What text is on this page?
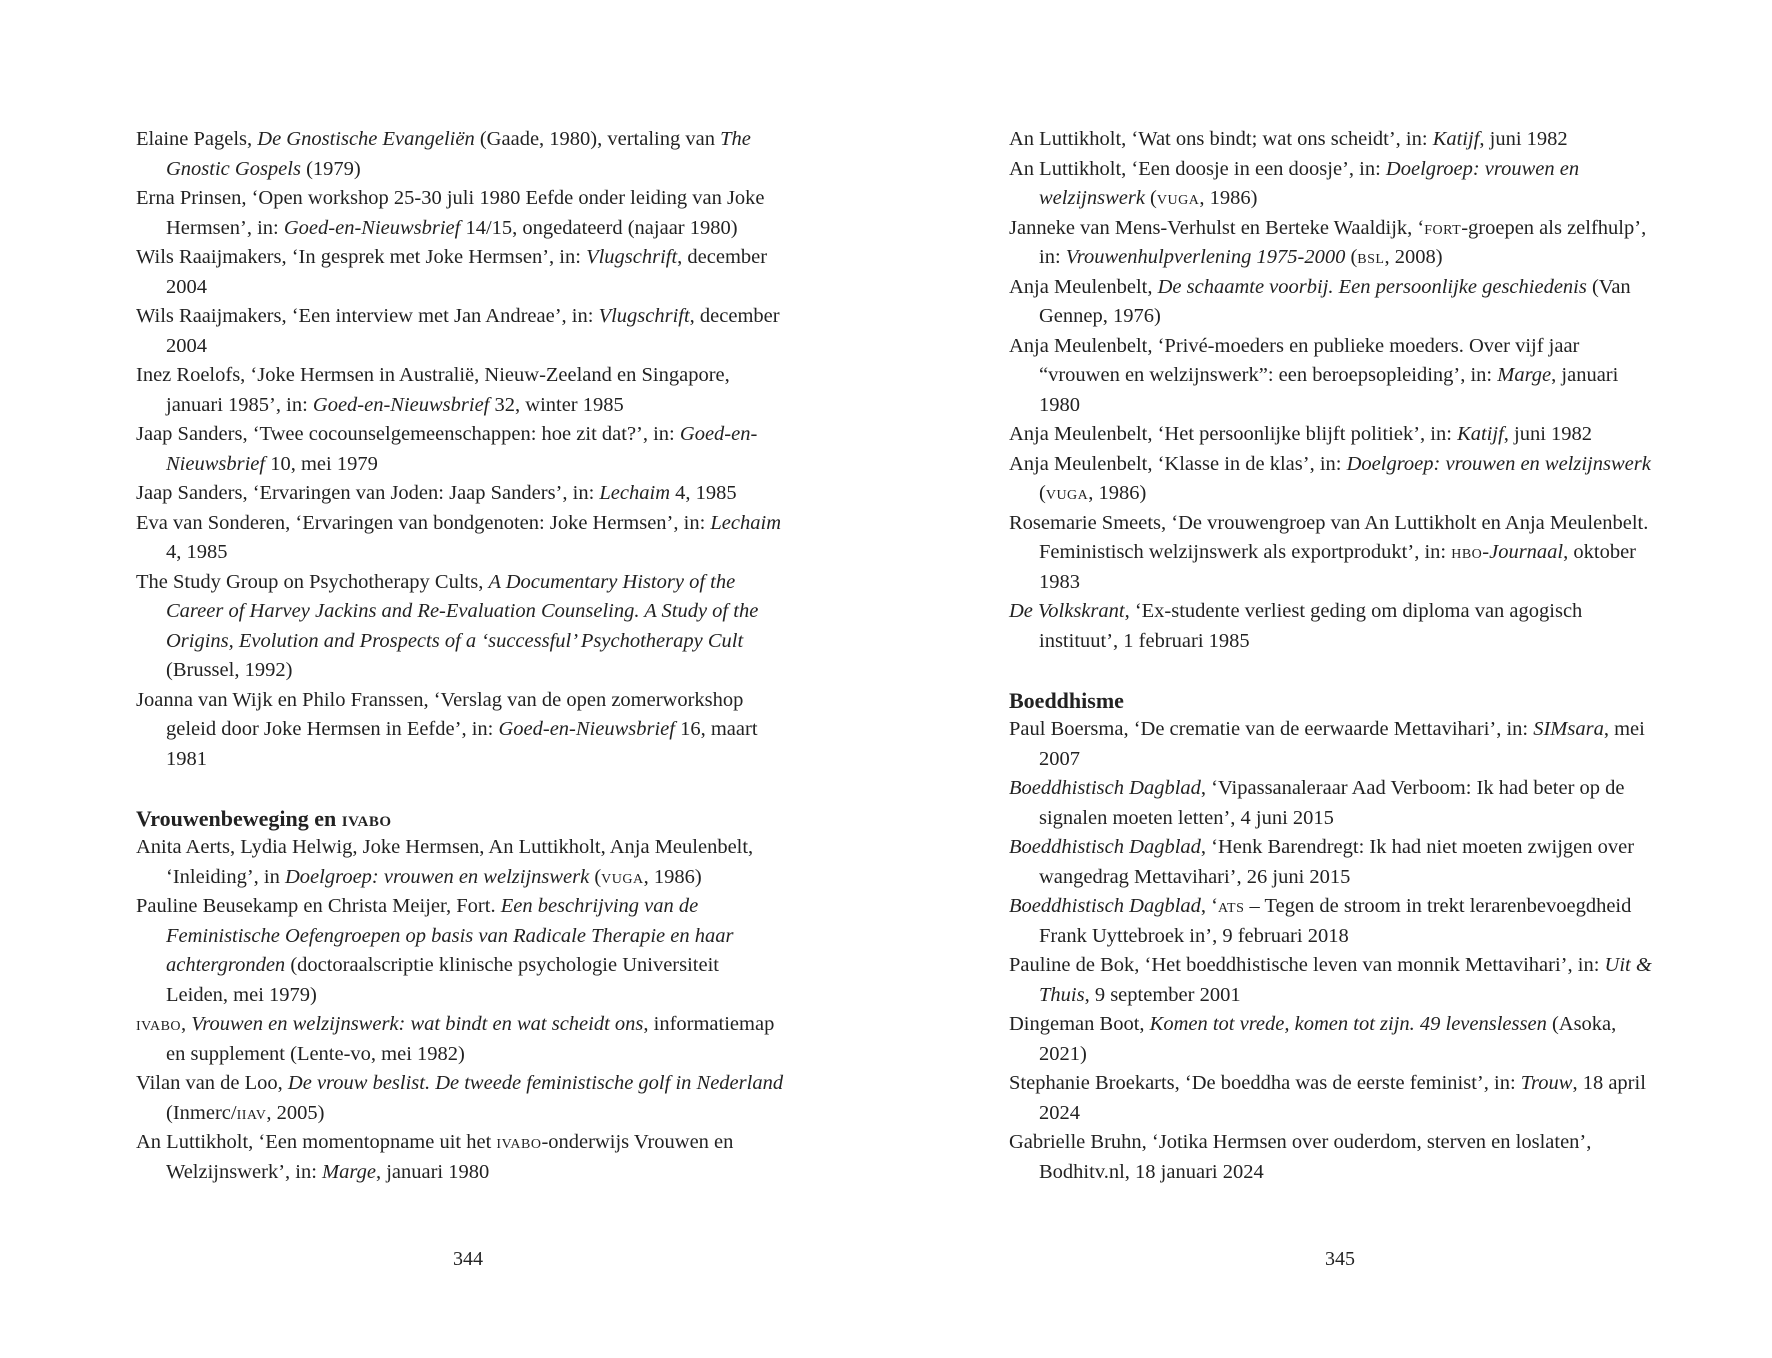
Elaine Pagels, De Gnostische Evangeliën (Gaade, 1980), vertaling van The Gnostic Gospels (1979)

Erna Prinsen, ‘Open workshop 25-30 juli 1980 Eefde onder leiding van Joke Hermsen’, in: Goed-en-Nieuwsbrief 14/15, ongedateerd (najaar 1980)

Wils Raaijmakers, ‘In gesprek met Joke Hermsen’, in: Vlugschrift, december 2004

Wils Raaijmakers, ‘Een interview met Jan Andreae’, in: Vlugschrift, december 2004

Inez Roelofs, ‘Joke Hermsen in Australië, Nieuw-Zeeland en Singapore, januari 1985’, in: Goed-en-Nieuwsbrief 32, winter 1985

Jaap Sanders, ‘Twee cocounselgemeenschappen: hoe zit dat?’, in: Goed-en-Nieuwsbrief 10, mei 1979

Jaap Sanders, ‘Ervaringen van Joden: Jaap Sanders’, in: Lechaim 4, 1985

Eva van Sonderen, ‘Ervaringen van bondgenoten: Joke Hermsen’, in: Lechaim 4, 1985

The Study Group on Psychotherapy Cults, A Documentary History of the Career of Harvey Jackins and Re-Evaluation Counseling. A Study of the Origins, Evolution and Prospects of a ‘successful’ Psychotherapy Cult (Brussel, 1992)

Joanna van Wijk en Philo Franssen, ‘Verslag van de open zomerworkshop geleid door Joke Hermsen in Eefde’, in: Goed-en-Nieuwsbrief 16, maart 1981

Vrouwenbeweging en ivabo

Anita Aerts, Lydia Helwig, Joke Hermsen, An Luttikholt, Anja Meulenbelt, ‘Inleiding’, in Doelgroep: vrouwen en welzijnswerk (vuga, 1986)

Pauline Beusekamp en Christa Meijer, Fort. Een beschrijving van de Feministische Oefengroepen op basis van Radicale Therapie en haar achtergronden (doctoraalscriptie klinische psychologie Universiteit Leiden, mei 1979)

ivabo, Vrouwen en welzijnswerk: wat bindt en wat scheidt ons, informatiemap en supplement (Lente-vo, mei 1982)

Vilan van de Loo, De vrouw beslist. De tweede feministische golf in Nederland (Inmerc/iiav, 2005)

An Luttikholt, ‘Een momentopname uit het ivabo-onderwijs Vrouwen en Welzijnswerk’, in: Marge, januari 1980

An Luttikholt, ‘Wat ons bindt; wat ons scheidt’, in: Katijf, juni 1982

An Luttikholt, ‘Een doosje in een doosje’, in: Doelgroep: vrouwen en welzijnswerk (vuga, 1986)

Janneke van Mens-Verhulst en Berteke Waaldijk, ‘fort-groepen als zelfhulp’, in: Vrouwenhulpverlening 1975-2000 (bsl, 2008)

Anja Meulenbelt, De schaamte voorbij. Een persoonlijke geschiedenis (Van Gennep, 1976)

Anja Meulenbelt, ‘Privé-moeders en publieke moeders. Over vijf jaar “vrouwen en welzijnswerk”: een beroepsopleiding’, in: Marge, januari 1980

Anja Meulenbelt, ‘Het persoonlijke blijft politiek’, in: Katijf, juni 1982

Anja Meulenbelt, ‘Klasse in de klas’, in: Doelgroep: vrouwen en welzijnswerk (vuga, 1986)

Rosemarie Smeets, ‘De vrouwengroep van An Luttikholt en Anja Meulenbelt. Feministisch welzijnswerk als exportprodukt’, in: hbo-Journaal, oktober 1983

De Volkskrant, ‘Ex-studente verliest geding om diploma van agogisch instituut’, 1 februari 1985

Boeddhisme

Paul Boersma, ‘De crematie van de eerwaarde Mettavihari’, in: SIMsara, mei 2007

Boeddhistisch Dagblad, ‘Vipassanaleraar Aad Verboom: Ik had beter op de signalen moeten letten’, 4 juni 2015

Boeddhistisch Dagblad, ‘Henk Barendregt: Ik had niet moeten zwijgen over wangedrag Mettavihari’, 26 juni 2015

Boeddhistisch Dagblad, ‘ats – Tegen de stroom in trekt lerarenbevoegdheid Frank Uyttebroek in’, 9 februari 2018

Pauline de Bok, ‘Het boeddhistische leven van monnik Mettavihari’, in: Uit & Thuis, 9 september 2001

Dingeman Boot, Komen tot vrede, komen tot zijn. 49 levenslessen (Asoka, 2021)

Stephanie Broekarts, ‘De boeddha was de eerste feminist’, in: Trouw, 18 april 2024

Gabrielle Bruhn, ‘Jotika Hermsen over ouderdom, sterven en loslaten’, Bodhitv.nl, 18 januari 2024

344	345
